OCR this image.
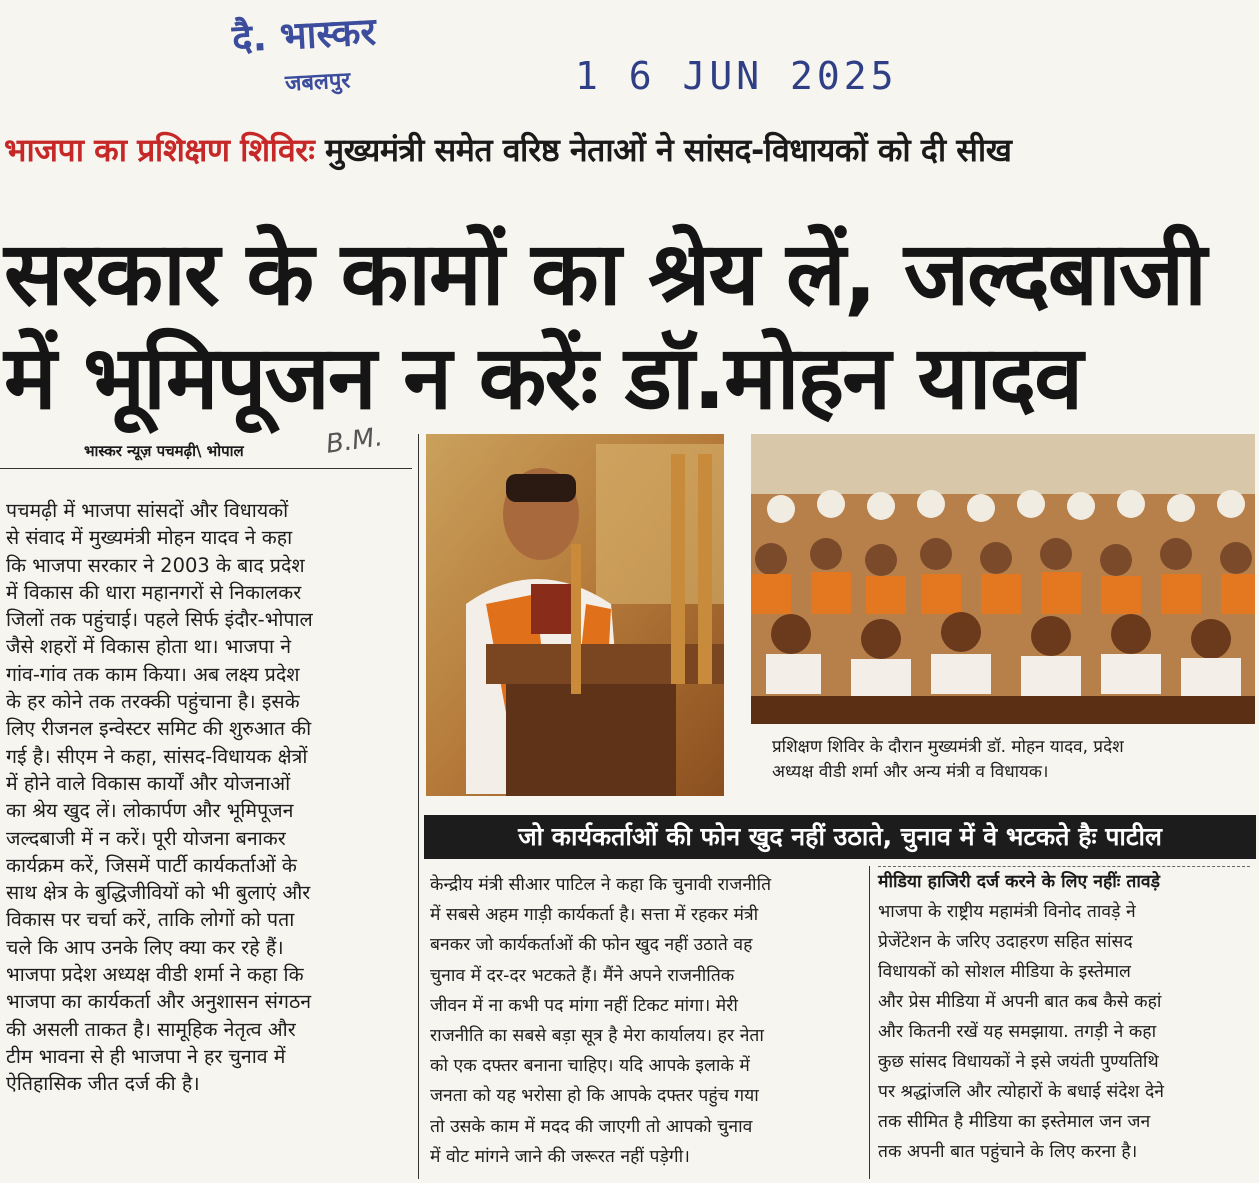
दै. भास्कर
जबलपुर	1 6 JUN 2025
भाजपा का प्रशिक्षण शिविरः मुख्यमंत्री समेत वरिष्ठ नेताओं ने सांसद-विधायकों को दी सीख
सरकार के कामों का श्रेय लें, जल्दबाजी
में भूमिपूजन न करेंः डॉ.मोहन यादव
भास्कर न्यूज़ पचमढ़ी\ भोपाल	B.M.
पचमढ़ी में भाजपा सांसदों और विधायकों
से संवाद में मुख्यमंत्री मोहन यादव ने कहा
कि भाजपा सरकार ने 2003 के बाद प्रदेश
में विकास की धारा महानगरों से निकालकर
जिलों तक पहुंचाई। पहले सिर्फ इंदौर-भोपाल
जैसे शहरों में विकास होता था। भाजपा ने
गांव-गांव तक काम किया। अब लक्ष्य प्रदेश
के हर कोने तक तरक्की पहुंचाना है। इसके
लिए रीजनल इन्वेस्टर समिट की शुरुआत की
गई है। सीएम ने कहा, सांसद-विधायक क्षेत्रों
में होने वाले विकास कार्यों और योजनाओं
का श्रेय खुद लें। लोकार्पण और भूमिपूजन
जल्दबाजी में न करें। पूरी योजना बनाकर
कार्यक्रम करें, जिसमें पार्टी कार्यकर्ताओं के
साथ क्षेत्र के बुद्धिजीवियों को भी बुलाएं और
विकास पर चर्चा करें, ताकि लोगों को पता
चले कि आप उनके लिए क्या कर रहे हैं।
भाजपा प्रदेश अध्यक्ष वीडी शर्मा ने कहा कि
भाजपा का कार्यकर्ता और अनुशासन संगठन
की असली ताकत है। सामूहिक नेतृत्व और
टीम भावना से ही भाजपा ने हर चुनाव में
ऐतिहासिक जीत दर्ज की है।
प्रशिक्षण शिविर के दौरान मुख्यमंत्री डॉ. मोहन यादव, प्रदेश
अध्यक्ष वीडी शर्मा और अन्य मंत्री व विधायक।
जो कार्यकर्ताओं की फोन खुद नहीं उठाते, चुनाव में वे भटकते हैः पाटील
केन्द्रीय मंत्री सीआर पाटिल ने कहा कि चुनावी राजनीति
में सबसे अहम गाड़ी कार्यकर्ता है। सत्ता में रहकर मंत्री
बनकर जो कार्यकर्ताओं की फोन खुद नहीं उठाते वह
चुनाव में दर-दर भटकते हैं। मैंने अपने राजनीतिक
जीवन में ना कभी पद मांगा नहीं टिकट मांगा। मेरी
राजनीति का सबसे बड़ा सूत्र है मेरा कार्यालय। हर नेता
को एक दफ्तर बनाना चाहिए। यदि आपके इलाके में
जनता को यह भरोसा हो कि आपके दफ्तर पहुंच गया
तो उसके काम में मदद की जाएगी तो आपको चुनाव
में वोट मांगने जाने की जरूरत नहीं पड़ेगी।
मीडिया हाजिरी दर्ज करने के लिए नहींः तावड़े
भाजपा के राष्ट्रीय महामंत्री विनोद तावड़े ने
प्रेजेंटेशन के जरिए उदाहरण सहित सांसद
विधायकों को सोशल मीडिया के इस्तेमाल
और प्रेस मीडिया में अपनी बात कब कैसे कहां
और कितनी रखें यह समझाया. तगड़ी ने कहा
कुछ सांसद विधायकों ने इसे जयंती पुण्यतिथि
पर श्रद्धांजलि और त्योहारों के बधाई संदेश देने
तक सीमित है मीडिया का इस्तेमाल जन जन
तक अपनी बात पहुंचाने के लिए करना है।
